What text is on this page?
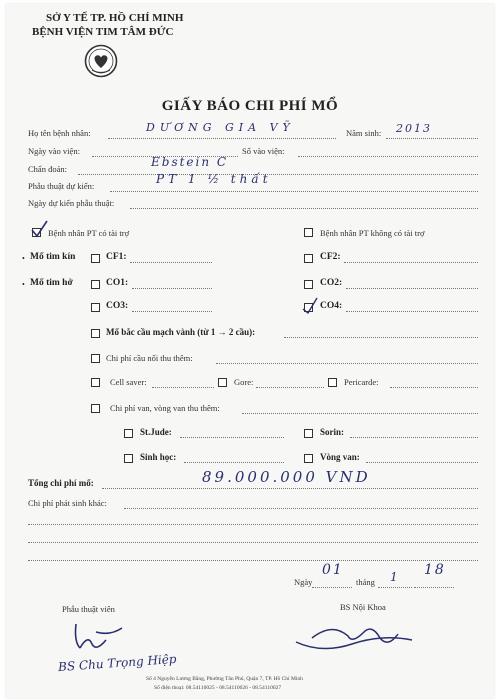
SỞ Y TẾ TP. HỒ CHÍ MINH
BỆNH VIỆN TIM TÂM ĐỨC
GIẤY BÁO CHI PHÍ MỔ
Họ tên bệnh nhân:	DƯƠNG GIA VỸ	Năm sinh: 2013
Ngày vào viện:	Số vào viện:
Chẩn đoán:	Ebstein C
Phẫu thuật dự kiến:	PT 1 ½ thất
Ngày dự kiến phẫu thuật:
Bệnh nhân PT có tài trợ	Bệnh nhân PT không có tài trợ
• Mổ tim kín	CF1:	CF2:
• Mổ tim hở	CO1:	CO2:
CO3:	CO4:
Mổ bắc cầu mạch vành (từ 1 → 2 cầu):
Chi phí cầu nối thu thêm:
Cell saver:	Gore:	Pericarde:
Chi phí van, vòng van thu thêm:
St.Jude:	Sorin:
Sinh học:	Vòng van:
Tổng chi phí mổ:	89.000.000 VND
Chi phí phát sinh khác:
Ngày
01
tháng 1 18
Phẫu thuật viên	BS Nội Khoa
BS Chu Trọng Hiệp
Số 4 Nguyễn Lương Bằng, Phường Tân Phú, Quận 7, TP. Hồ Chí Minh
Số điện thoại: 08.54110025 - 08.54110026 - 08.54110027
